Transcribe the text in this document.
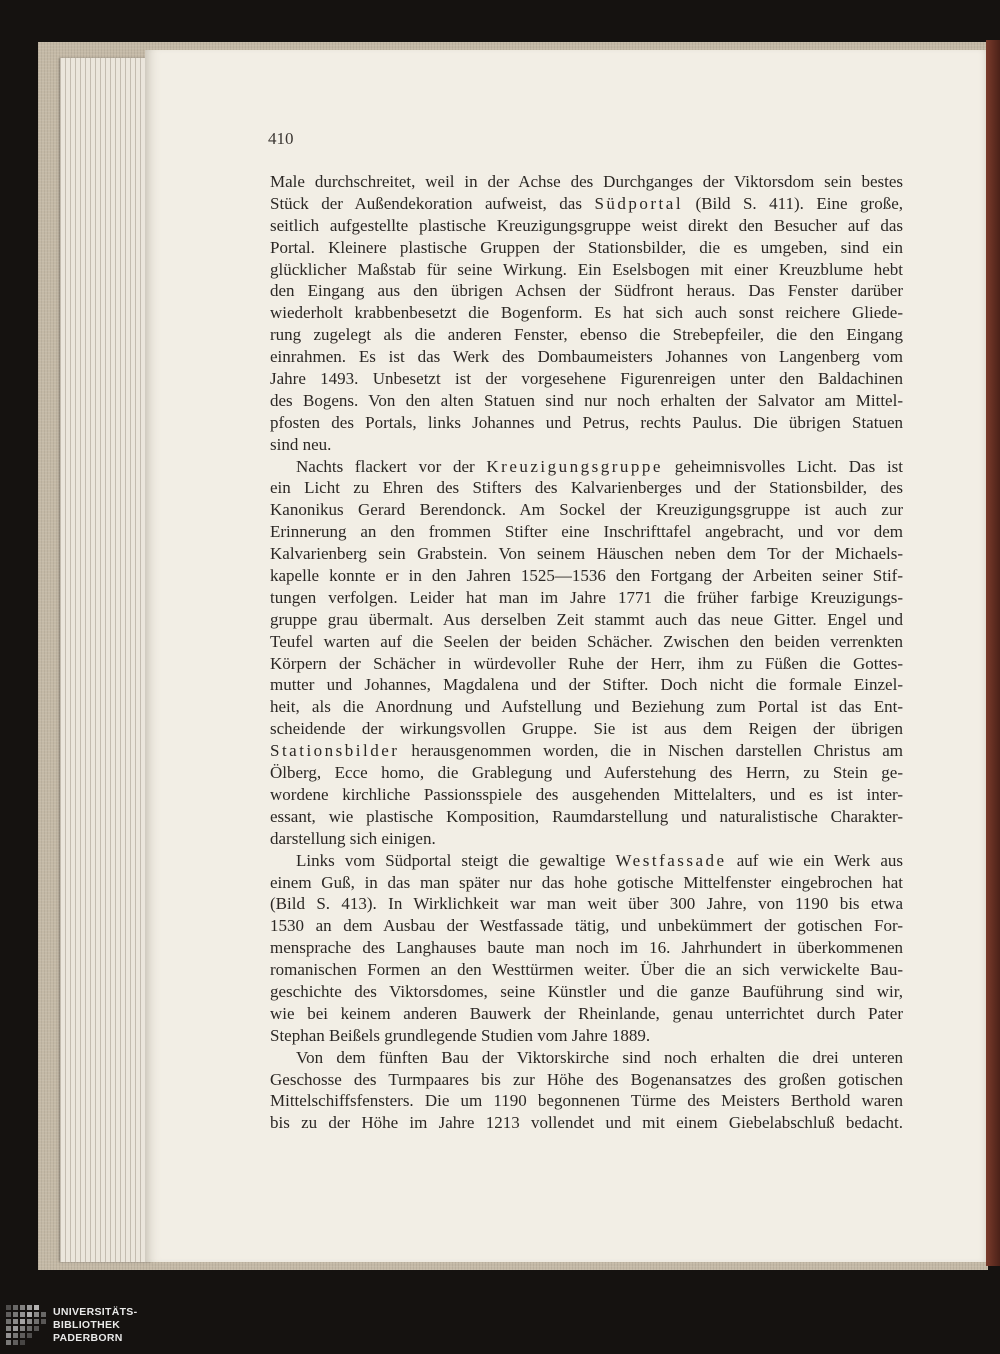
410
Male durchschreitet, weil in der Achse des Durchganges der Viktorsdom sein bestes
Stück der Außendekoration aufweist, das Südportal (Bild S. 411). Eine große,
seitlich aufgestellte plastische Kreuzigungsgruppe weist direkt den Besucher auf das
Portal. Kleinere plastische Gruppen der Stationsbilder, die es umgeben, sind ein
glücklicher Maßstab für seine Wirkung. Ein Eselsbogen mit einer Kreuzblume hebt
den Eingang aus den übrigen Achsen der Südfront heraus. Das Fenster darüber
wiederholt krabbenbesetzt die Bogenform. Es hat sich auch sonst reichere Gliede-
rung zugelegt als die anderen Fenster, ebenso die Strebepfeiler, die den Eingang
einrahmen. Es ist das Werk des Dombaumeisters Johannes von Langenberg vom
Jahre 1493. Unbesetzt ist der vorgesehene Figurenreigen unter den Baldachinen
des Bogens. Von den alten Statuen sind nur noch erhalten der Salvator am Mittel-
pfosten des Portals, links Johannes und Petrus, rechts Paulus. Die übrigen Statuen
sind neu.
Nachts flackert vor der Kreuzigungsgruppe geheimnisvolles Licht. Das ist
ein Licht zu Ehren des Stifters des Kalvarienberges und der Stationsbilder, des
Kanonikus Gerard Berendonck. Am Sockel der Kreuzigungsgruppe ist auch zur
Erinnerung an den frommen Stifter eine Inschrifttafel angebracht, und vor dem
Kalvarienberg sein Grabstein. Von seinem Häuschen neben dem Tor der Michaels-
kapelle konnte er in den Jahren 1525—1536 den Fortgang der Arbeiten seiner Stif-
tungen verfolgen. Leider hat man im Jahre 1771 die früher farbige Kreuzigungs-
gruppe grau übermalt. Aus derselben Zeit stammt auch das neue Gitter. Engel und
Teufel warten auf die Seelen der beiden Schächer. Zwischen den beiden verrenkten
Körpern der Schächer in würdevoller Ruhe der Herr, ihm zu Füßen die Gottes-
mutter und Johannes, Magdalena und der Stifter. Doch nicht die formale Einzel-
heit, als die Anordnung und Aufstellung und Beziehung zum Portal ist das Ent-
scheidende der wirkungsvollen Gruppe. Sie ist aus dem Reigen der übrigen
Stationsbilder herausgenommen worden, die in Nischen darstellen Christus am
Ölberg, Ecce homo, die Grablegung und Auferstehung des Herrn, zu Stein ge-
wordene kirchliche Passionsspiele des ausgehenden Mittelalters, und es ist inter-
essant, wie plastische Komposition, Raumdarstellung und naturalistische Charakter-
darstellung sich einigen.
Links vom Südportal steigt die gewaltige Westfassade auf wie ein Werk aus
einem Guß, in das man später nur das hohe gotische Mittelfenster eingebrochen hat
(Bild S. 413). In Wirklichkeit war man weit über 300 Jahre, von 1190 bis etwa
1530 an dem Ausbau der Westfassade tätig, und unbekümmert der gotischen For-
mensprache des Langhauses baute man noch im 16. Jahrhundert in überkommenen
romanischen Formen an den Westtürmen weiter. Über die an sich verwickelte Bau-
geschichte des Viktorsdomes, seine Künstler und die ganze Bauführung sind wir,
wie bei keinem anderen Bauwerk der Rheinlande, genau unterrichtet durch Pater
Stephan Beißels grundlegende Studien vom Jahre 1889.
Von dem fünften Bau der Viktorskirche sind noch erhalten die drei unteren
Geschosse des Turmpaares bis zur Höhe des Bogenansatzes des großen gotischen
Mittelschiffsfensters. Die um 1190 begonnenen Türme des Meisters Berthold waren
bis zu der Höhe im Jahre 1213 vollendet und mit einem Giebelabschluß bedacht.
UNIVERSITÄTS-
BIBLIOTHEK
PADERBORN
